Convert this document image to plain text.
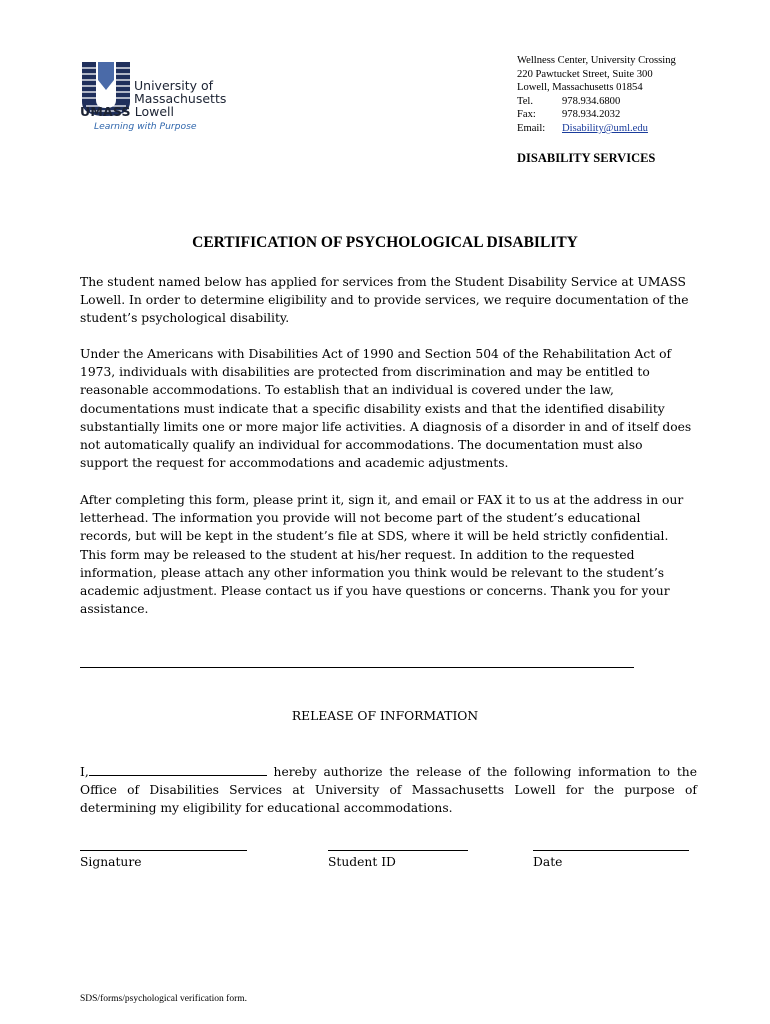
University of
Massachusetts
UMASS Lowell
Learning with Purpose
Wellness Center, University Crossing
220 Pawtucket Street, Suite 300
Lowell, Massachusetts 01854
Tel.	978.934.6800
Fax: 978.934.2032
Email: Disability@uml.edu
DISABILITY SERVICES
CERTIFICATION OF PSYCHOLOGICAL DISABILITY
The student named below has applied for services from the Student Disability Service at UMASS Lowell. In order to determine eligibility and to provide services, we require documentation of the student’s psychological disability.
Under the Americans with Disabilities Act of 1990 and Section 504 of the Rehabilitation Act of 1973, individuals with disabilities are protected from discrimination and may be entitled to reasonable accommodations. To establish that an individual is covered under the law, documentations must indicate that a specific disability exists and that the identified disability substantially limits one or more major life activities. A diagnosis of a disorder in and of itself does not automatically qualify an individual for accommodations. The documentation must also support the request for accommodations and academic adjustments.
After completing this form, please print it, sign it, and email or FAX it to us at the address in our letterhead. The information you provide will not become part of the student’s educational records, but will be kept in the student’s file at SDS, where it will be held strictly confidential. This form may be released to the student at his/her request. In addition to the requested information, please attach any other information you think would be relevant to the student’s academic adjustment. Please contact us if you have questions or concerns. Thank you for your assistance.
RELEASE OF INFORMATION
I,	hereby authorize the release of the following information to the Office of Disabilities Services at University of Massachusetts Lowell for the purpose of determining my eligibility for educational accommodations.
Signature	Student ID	Date
SDS/forms/psychological verification form.
